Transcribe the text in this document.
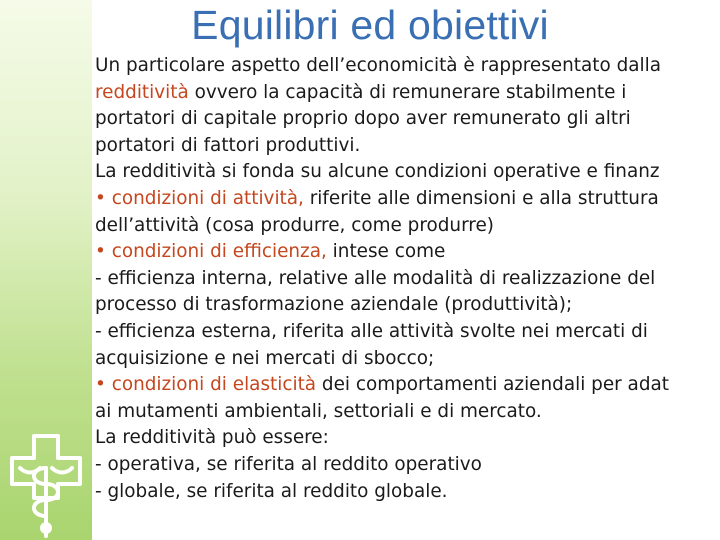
Equilibri ed obiettivi
Un particolare aspetto dell’economicità è rappresentato dalla
redditività ovvero la capacità di remunerare stabilmente i
portatori di capitale proprio dopo aver remunerato gli altri
portatori di fattori produttivi.
La redditività si fonda su alcune condizioni operative e finanz
• condizioni di attività, riferite alle dimensioni e alla struttura
dell’attività (cosa produrre, come produrre)
• condizioni di efficienza, intese come
- efficienza interna, relative alle modalità di realizzazione del
processo di trasformazione aziendale (produttività);
- efficienza esterna, riferita alle attività svolte nei mercati di
acquisizione e nei mercati di sbocco;
• condizioni di elasticità dei comportamenti aziendali per adat
ai mutamenti ambientali, settoriali e di mercato.
La redditività può essere:
- operativa, se riferita al reddito operativo
- globale, se riferita al reddito globale.
